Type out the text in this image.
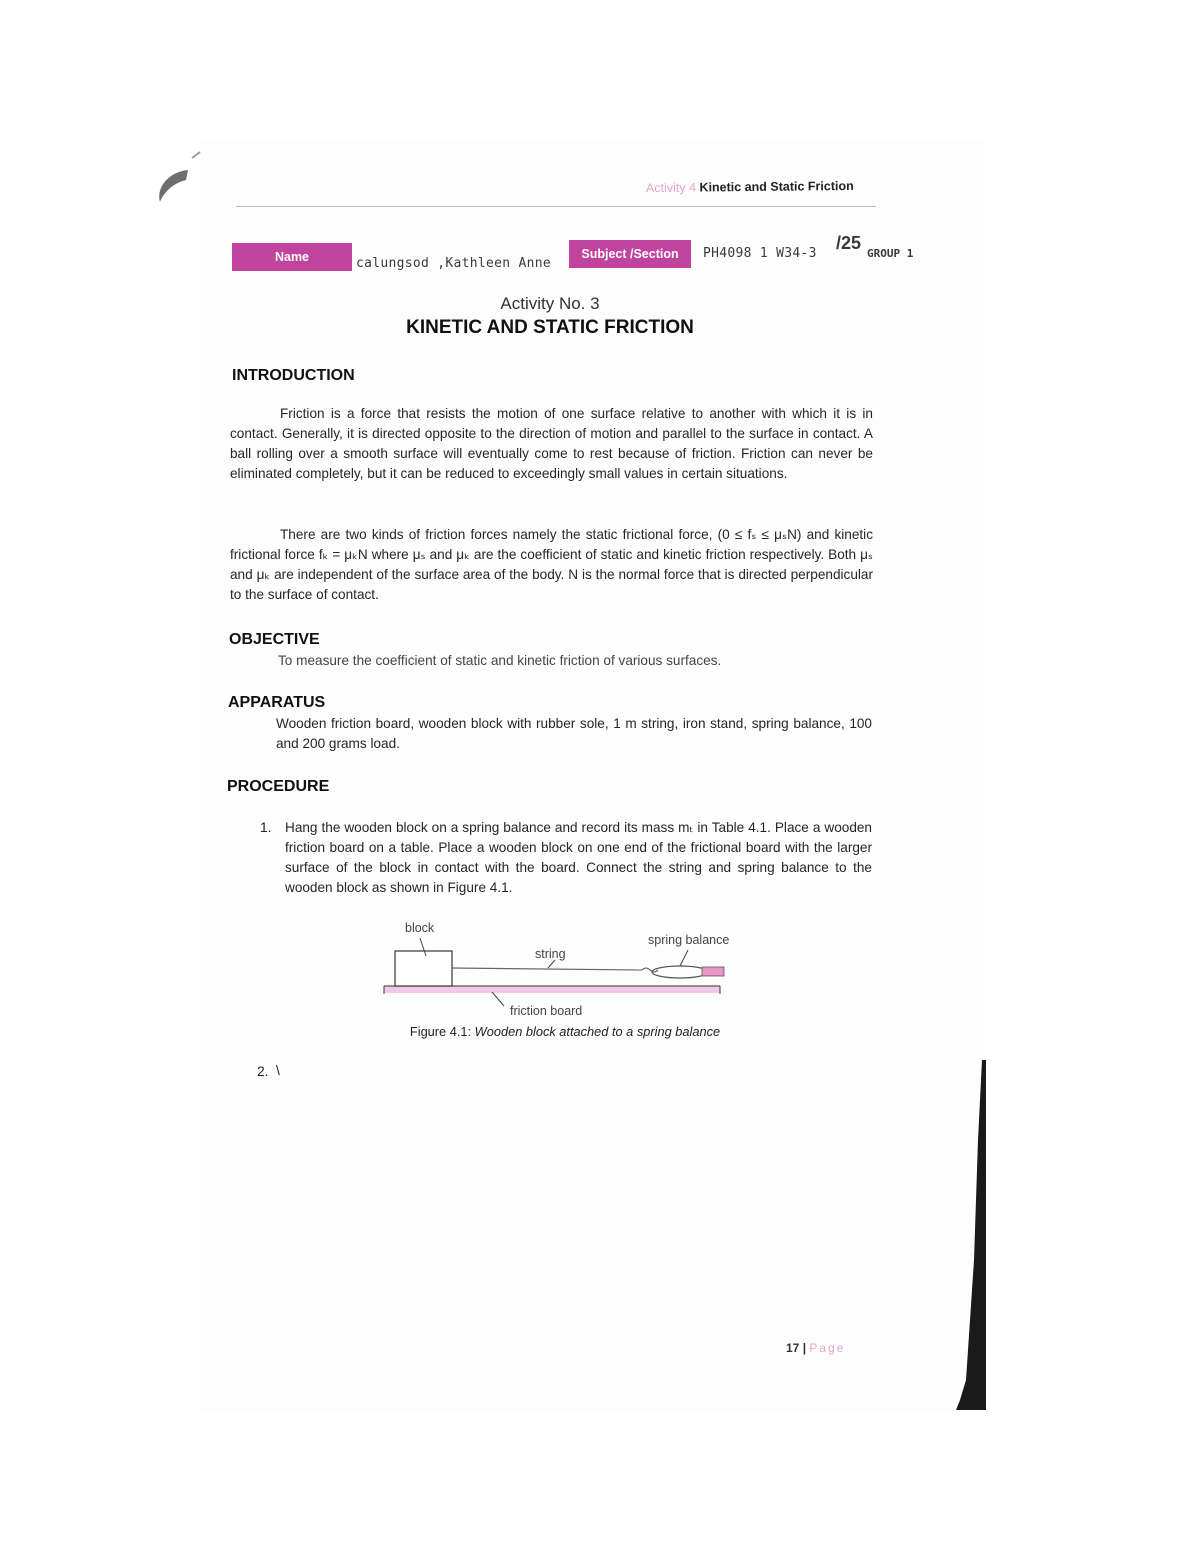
Activity 4 Kinetic and Static Friction
Name	calungsod ,Kathleen Anne
Subject /Section	PH4098 1 W34-3
/25
GROUP 1
Activity No. 3
KINETIC AND STATIC FRICTION
INTRODUCTION
Friction is a force that resists the motion of one surface relative to another with which it is in contact. Generally, it is directed opposite to the direction of motion and parallel to the surface in contact. A ball rolling over a smooth surface will eventually come to rest because of friction. Friction can never be eliminated completely, but it can be reduced to exceedingly small values in certain situations.
There are two kinds of friction forces namely the static frictional force, (0 ≤ fₛ ≤ μₛN) and kinetic frictional force fₖ = μₖN where μₛ and μₖ are the coefficient of static and kinetic friction respectively. Both μₛ and μₖ are independent of the surface area of the body. N is the normal force that is directed perpendicular to the surface of contact.
OBJECTIVE
To measure the coefficient of static and kinetic friction of various surfaces.
APPARATUS
Wooden friction board, wooden block with rubber sole, 1 m string, iron stand, spring balance, 100 and 200 grams load.
PROCEDURE
1. Hang the wooden block on a spring balance and record its mass mₜ in Table 4.1. Place a wooden friction board on a table. Place a wooden block on one end of the frictional board with the larger surface of the block in contact with the board. Connect the string and spring balance to the wooden block as shown in Figure 4.1.
block
string
spring balance
friction board
Figure 4.1: Wooden block attached to a spring balance
2. \
17 | Page
